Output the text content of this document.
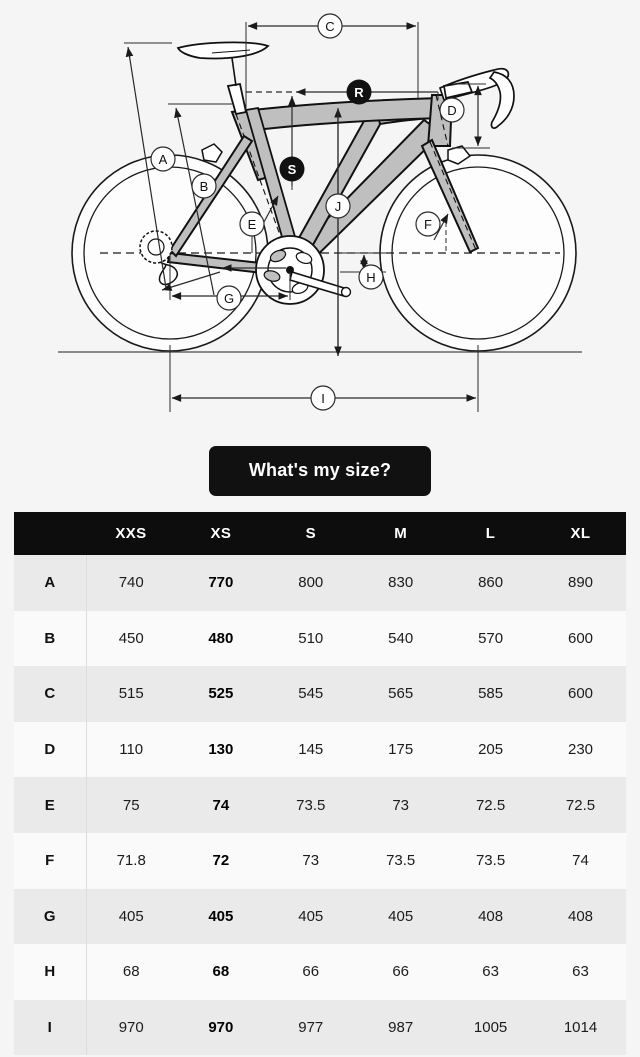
C
A
B
D
E	F
G
H
J
I
R
S
What's my size?
	XXS	XS	S	M	L	XL
A	740	770	800	830	860	890
B	450	480	510	540	570	600
C	515	525	545	565	585	600
D	110	130	145	175	205	230
E	75	74	73.5	73	72.5	72.5
F	71.8	72	73	73.5	73.5	74
G	405	405	405	405	408	408
H	68	68	66	66	63	63
I	970	970	977	987	1005	1014
